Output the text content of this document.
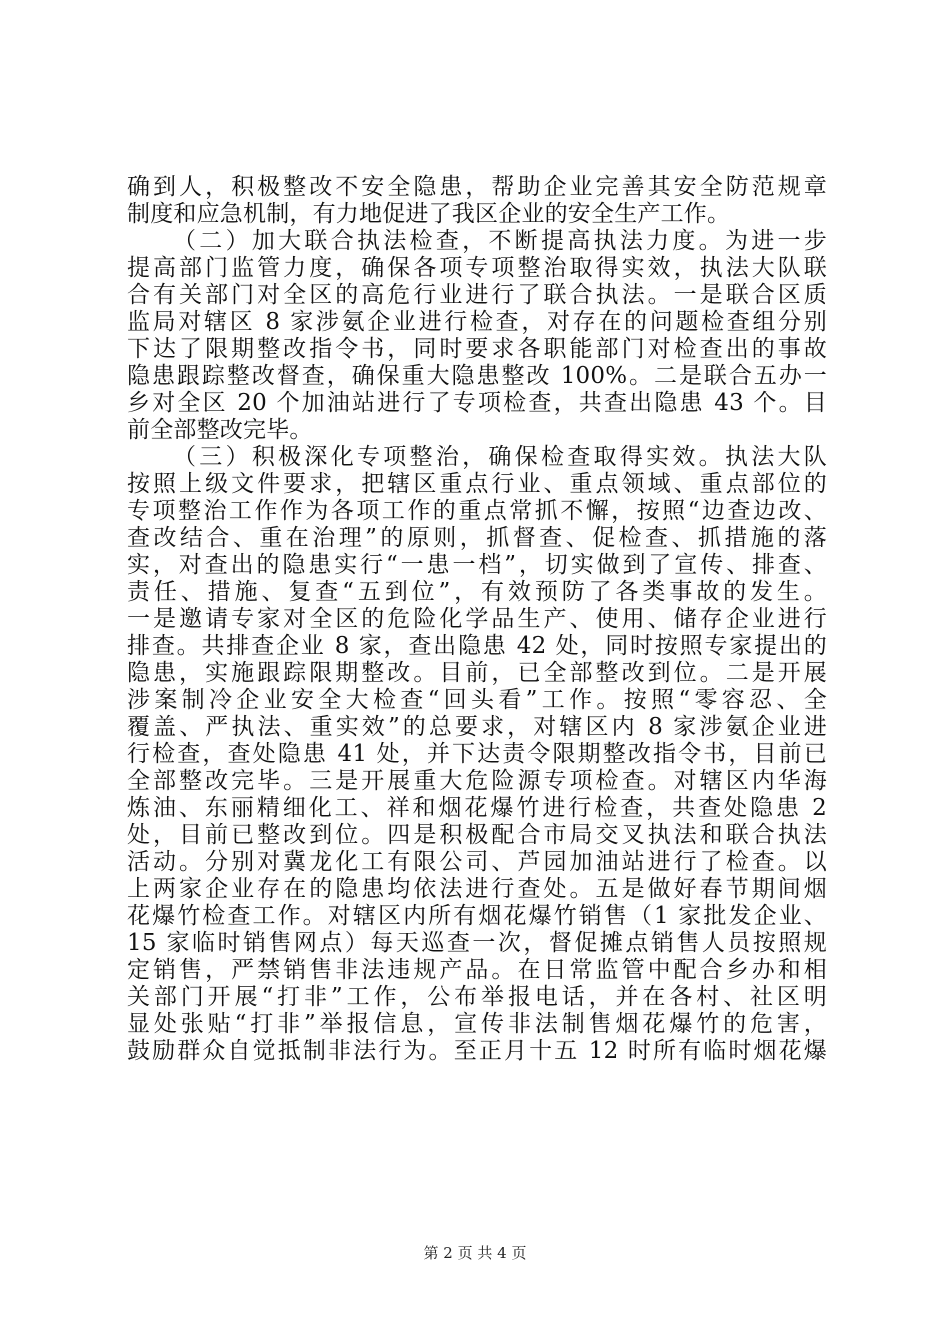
确到人，积极整改不安全隐患，帮助企业完善其安全防范规章
制度和应急机制，有力地促进了我区企业的安全生产工作。
（二）加大联合执法检查，不断提高执法力度。为进一步
提高部门监管力度，确保各项专项整治取得实效，执法大队联
合有关部门对全区的高危行业进行了联合执法。一是联合区质
监局对辖区 8 家涉氨企业进行检查，对存在的问题检查组分别
下达了限期整改指令书，同时要求各职能部门对检查出的事故
隐患跟踪整改督查，确保重大隐患整改 100%。二是联合五办一
乡对全区 20 个加油站进行了专项检查，共查出隐患 43 个。目
前全部整改完毕。
（三）积极深化专项整治，确保检查取得实效。执法大队
按照上级文件要求，把辖区重点行业、重点领域、重点部位的
专项整治工作作为各项工作的重点常抓不懈，按照“边查边改、
查改结合、重在治理”的原则，抓督查、促检查、抓措施的落
实，对查出的隐患实行“一患一档”，切实做到了宣传、排查、
责任、措施、复查“五到位”，有效预防了各类事故的发生。
一是邀请专家对全区的危险化学品生产、使用、储存企业进行
排查。共排查企业 8 家，查出隐患 42 处，同时按照专家提出的
隐患，实施跟踪限期整改。目前，已全部整改到位。二是开展
涉案制冷企业安全大检查“回头看”工作。按照“零容忍、全
覆盖、严执法、重实效”的总要求，对辖区内 8 家涉氨企业进
行检查，查处隐患 41 处，并下达责令限期整改指令书，目前已
全部整改完毕。三是开展重大危险源专项检查。对辖区内华海
炼油、东丽精细化工、祥和烟花爆竹进行检查，共查处隐患 2
处，目前已整改到位。四是积极配合市局交叉执法和联合执法
活动。分别对冀龙化工有限公司、芦园加油站进行了检查。以
上两家企业存在的隐患均依法进行查处。五是做好春节期间烟
花爆竹检查工作。对辖区内所有烟花爆竹销售（1 家批发企业、
15 家临时销售网点）每天巡查一次，督促摊点销售人员按照规
定销售，严禁销售非法违规产品。在日常监管中配合乡办和相
关部门开展“打非”工作，公布举报电话，并在各村、社区明
显处张贴“打非”举报信息，宣传非法制售烟花爆竹的危害，
鼓励群众自觉抵制非法行为。至正月十五 12 时所有临时烟花爆
第 2 页 共 4 页
